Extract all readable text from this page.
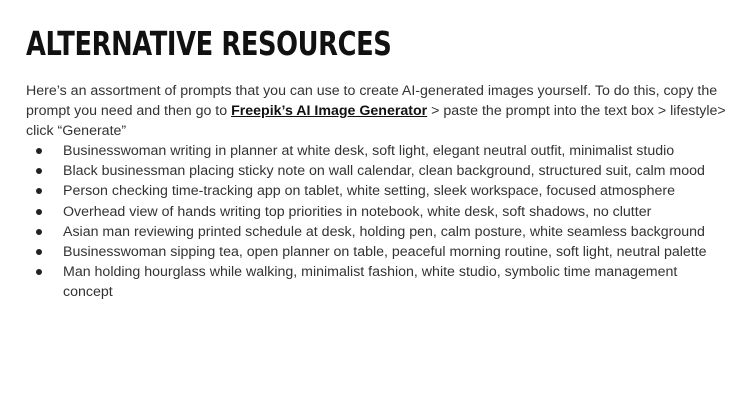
ALTERNATIVE RESOURCES

Here’s an assortment of prompts that you can use to create AI-generated images yourself. To do this, copy the prompt you need and then go to Freepik’s AI Image Generator > paste the prompt into the text box > lifestyle> click “Generate”

Businesswoman writing in planner at white desk, soft light, elegant neutral outfit, minimalist studio
Black businessman placing sticky note on wall calendar, clean background, structured suit, calm mood
Person checking time-tracking app on tablet, white setting, sleek workspace, focused atmosphere
Overhead view of hands writing top priorities in notebook, white desk, soft shadows, no clutter
Asian man reviewing printed schedule at desk, holding pen, calm posture, white seamless background
Businesswoman sipping tea, open planner on table, peaceful morning routine, soft light, neutral palette
Man holding hourglass while walking, minimalist fashion, white studio, symbolic time management concept
